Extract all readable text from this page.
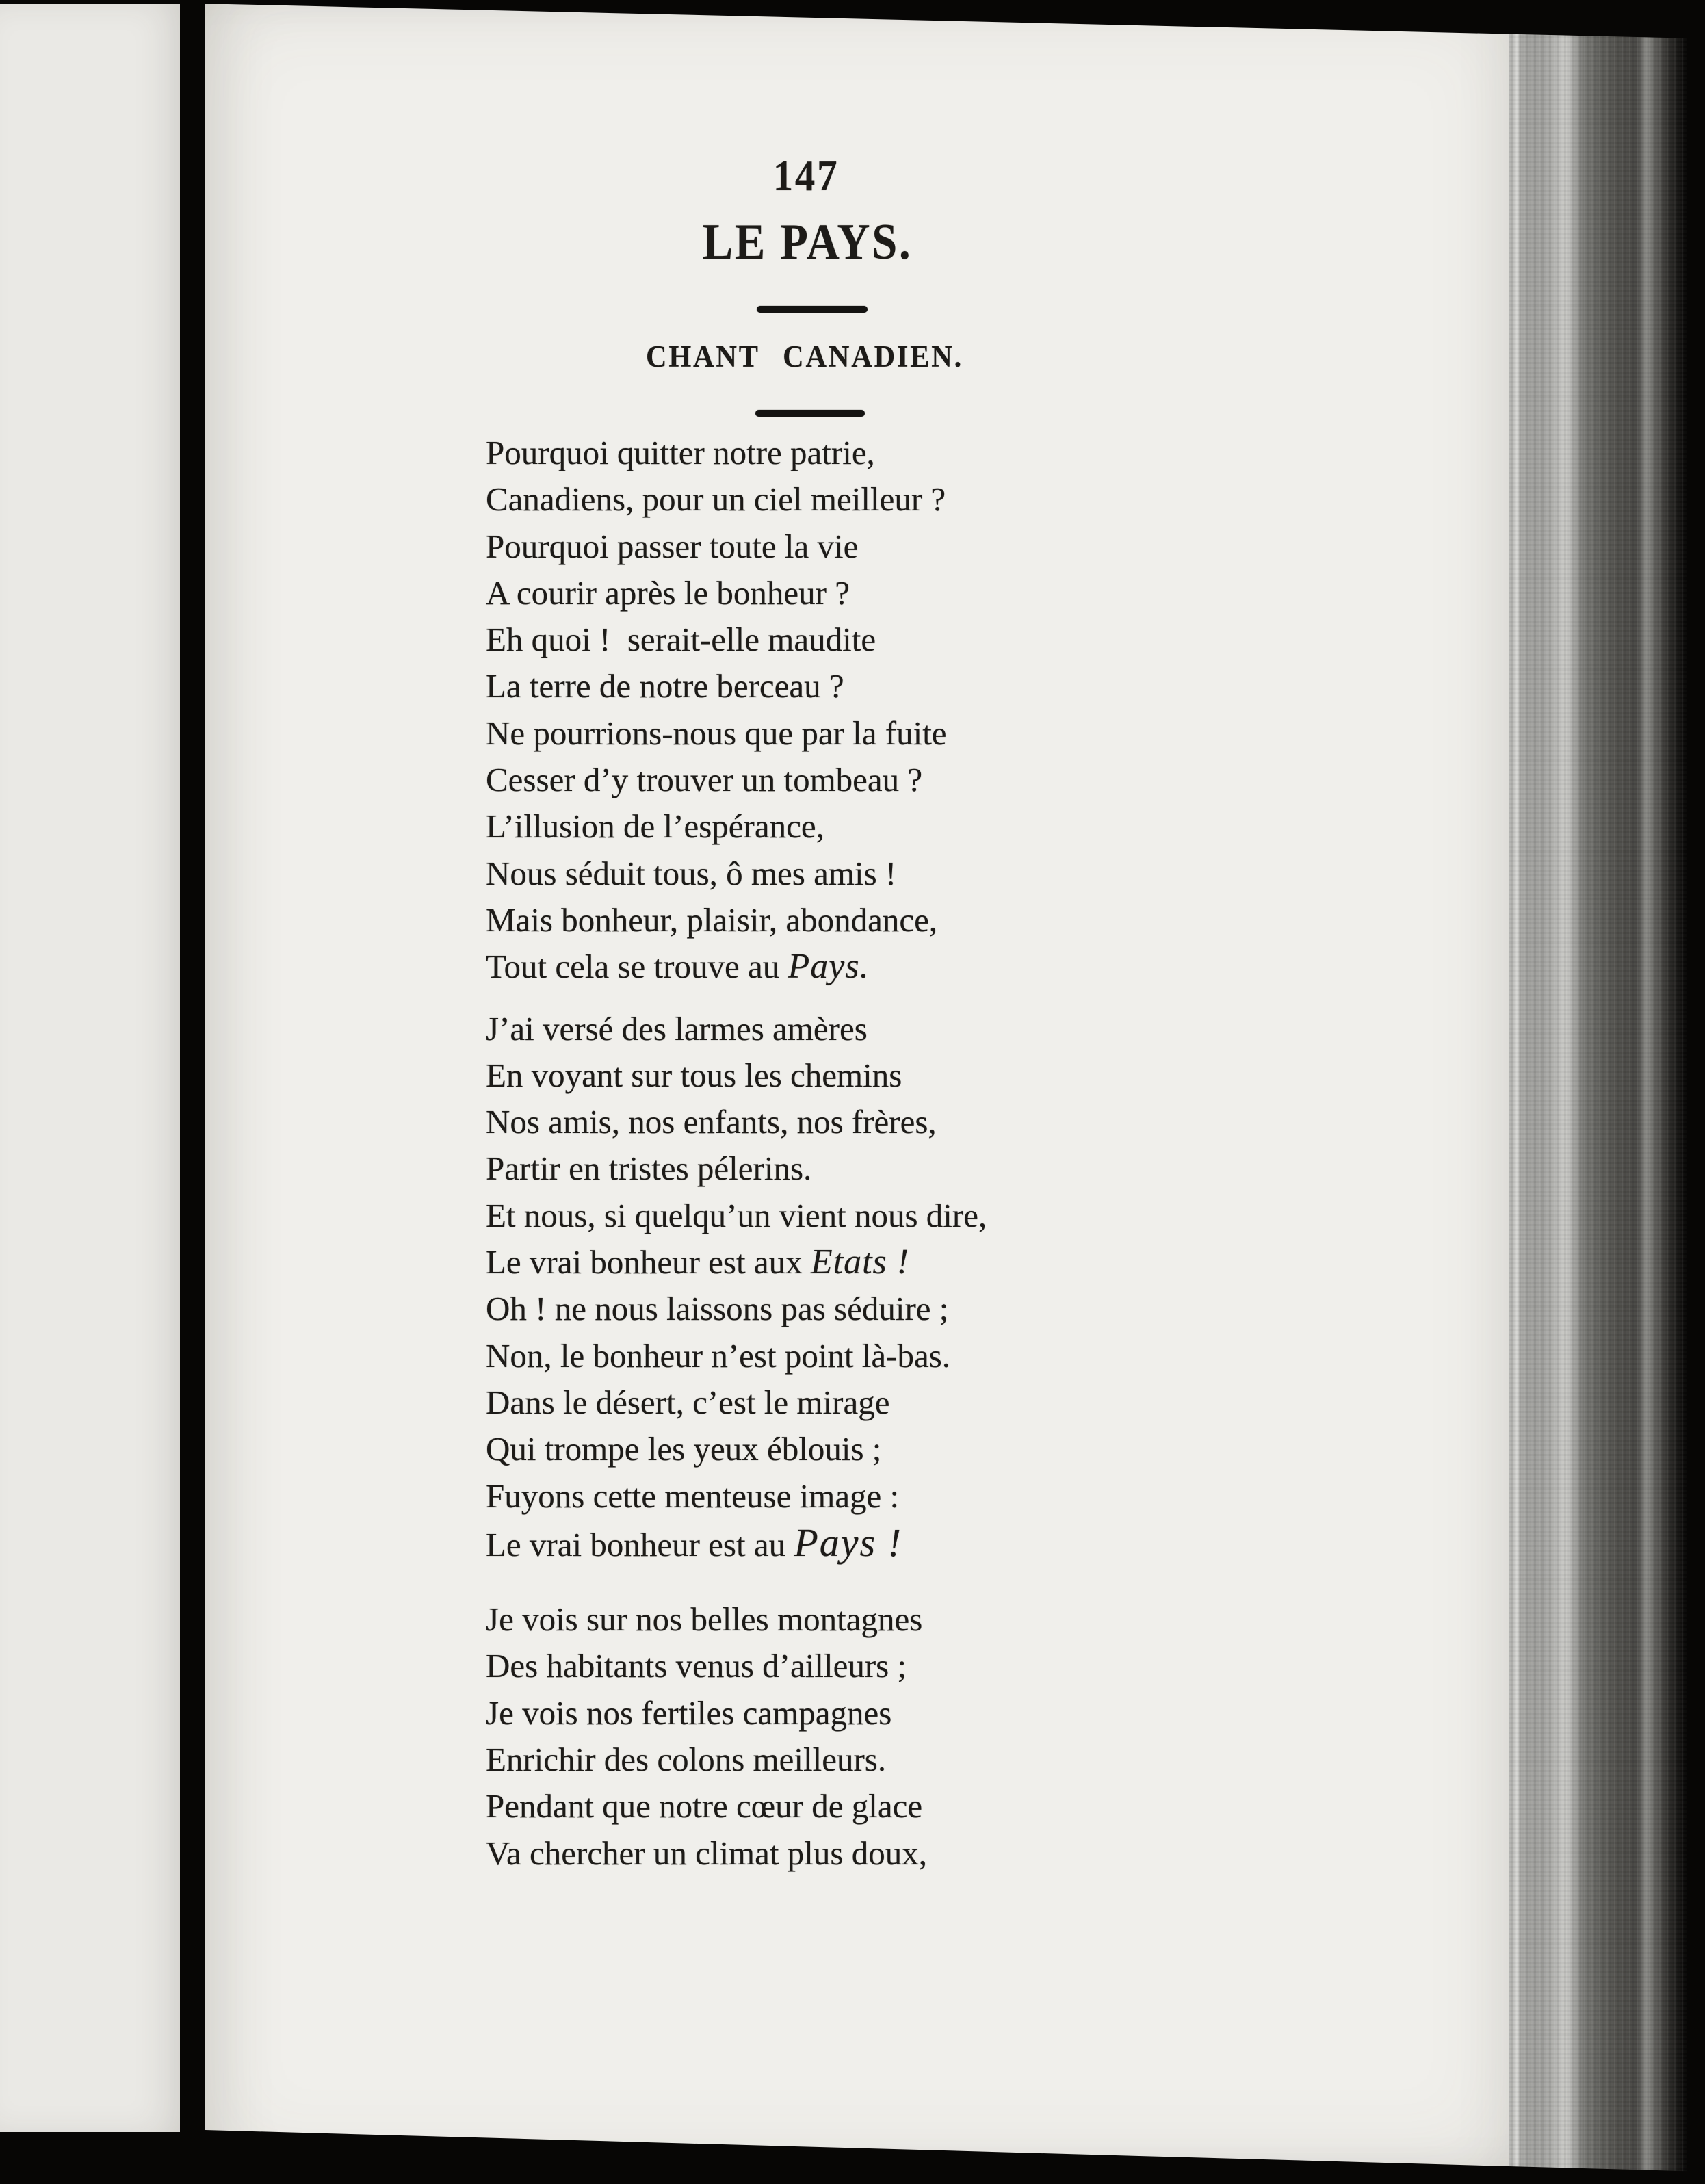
147
LE PAYS.
CHANT CANADIEN.
Pourquoi quitter notre patrie,
Canadiens, pour un ciel meilleur ?
Pourquoi passer toute la vie
A courir après le bonheur ?
Eh quoi ! serait-elle maudite
La terre de notre berceau ?
Ne pourrions-nous que par la fuite
Cesser d’y trouver un tombeau ?
L’illusion de l’espérance,
Nous séduit tous, ô mes amis !
Mais bonheur, plaisir, abondance,
Tout cela se trouve au Pays.
J’ai versé des larmes amères
En voyant sur tous les chemins
Nos amis, nos enfants, nos frères,
Partir en tristes pélerins.
Et nous, si quelqu’un vient nous dire,
Le vrai bonheur est aux Etats !
Oh ! ne nous laissons pas séduire ;
Non, le bonheur n’est point là-bas.
Dans le désert, c’est le mirage
Qui trompe les yeux éblouis ;
Fuyons cette menteuse image :
Le vrai bonheur est au Pays !
Je vois sur nos belles montagnes
Des habitants venus d’ailleurs ;
Je vois nos fertiles campagnes
Enrichir des colons meilleurs.
Pendant que notre cœur de glace
Va chercher un climat plus doux,
